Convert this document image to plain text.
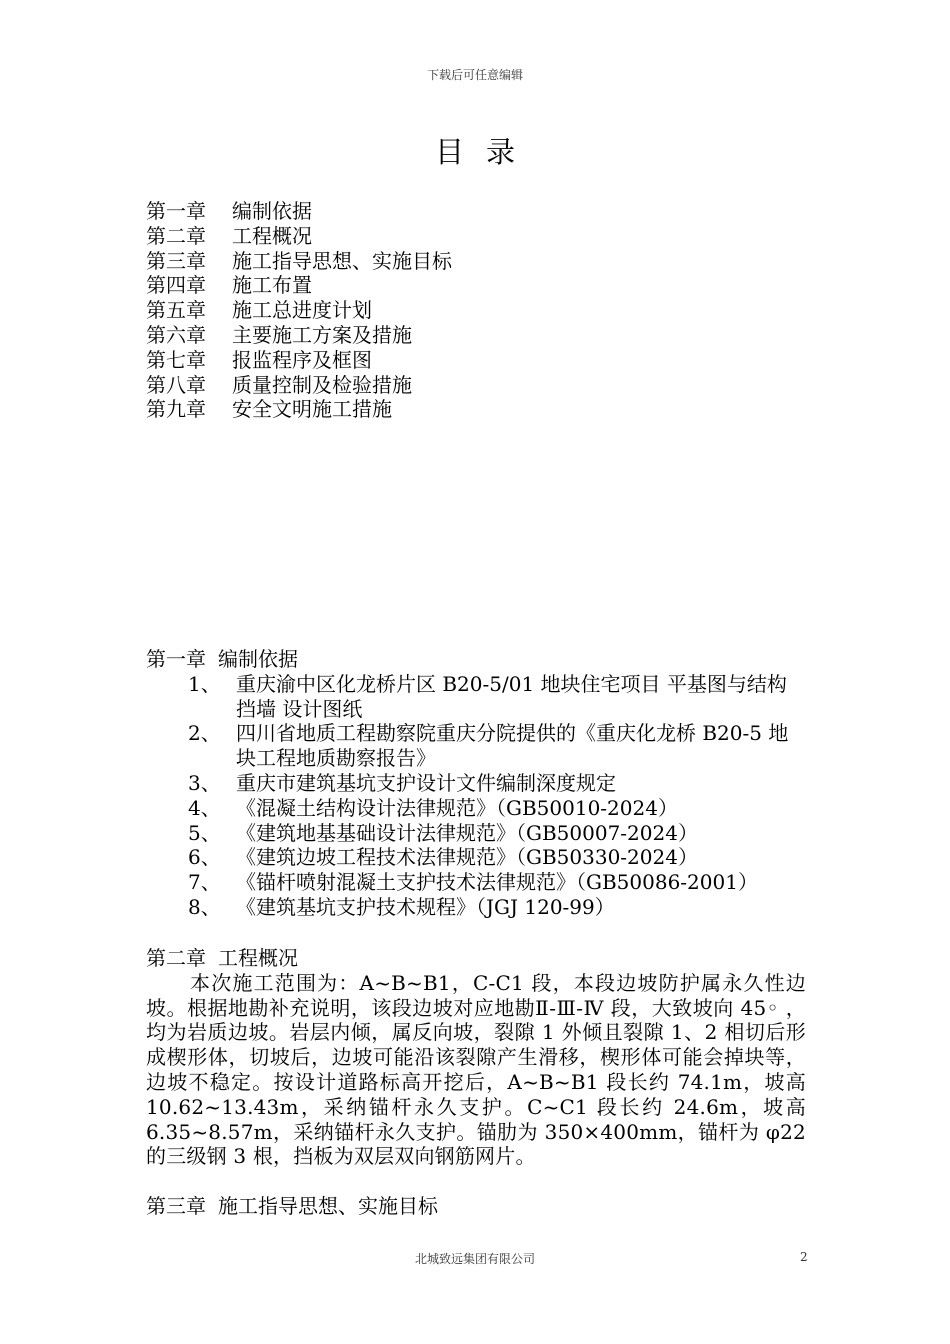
下载后可任意编辑
目录
第一章 编制依据
第二章 工程概况
第三章 施工指导思想、实施目标
第四章 施工布置
第五章 施工总进度计划
第六章 主要施工方案及措施
第七章 报监程序及框图
第八章 质量控制及检验措施
第九章 安全文明施工措施
第一章 编制依据
1、 重庆渝中区化龙桥片区 B20-5/01 地块住宅项目 平基图与结构挡墙 设计图纸
2、 四川省地质工程勘察院重庆分院提供的《重庆化龙桥 B20-5 地块工程地质勘察报告》
3、 重庆市建筑基坑支护设计文件编制深度规定
4、 《混凝土结构设计法律规范》（GB50010-2024）
5、 《建筑地基基础设计法律规范》（GB50007-2024）
6、 《建筑边坡工程技术法律规范》（GB50330-2024）
7、 《锚杆喷射混凝土支护技术法律规范》（GB50086-2001）
8、 《建筑基坑支护技术规程》（JGJ 120-99）
第二章 工程概况
本次施工范围为：A~B~B1，C-C1 段，本段边坡防护属永久性边坡。根据地勘补充说明，该段边坡对应地勘Ⅱ-Ⅲ-Ⅳ 段，大致坡向 45◦ ，均为岩质边坡。岩层内倾，属反向坡，裂隙 1 外倾且裂隙 1、2 相切后形成楔形体，切坡后，边坡可能沿该裂隙产生滑移，楔形体可能会掉块等，边坡不稳定。按设计道路标高开挖后，A~B~B1 段长约 74.1m，坡高 10.62~13.43m，采纳锚杆永久支护。C~C1 段长约 24.6m，坡高 6.35~8.57m，采纳锚杆永久支护。锚肋为 350×400mm，锚杆为 φ22 的三级钢 3 根，挡板为双层双向钢筋网片。
第三章 施工指导思想、实施目标
北城致远集团有限公司	2
